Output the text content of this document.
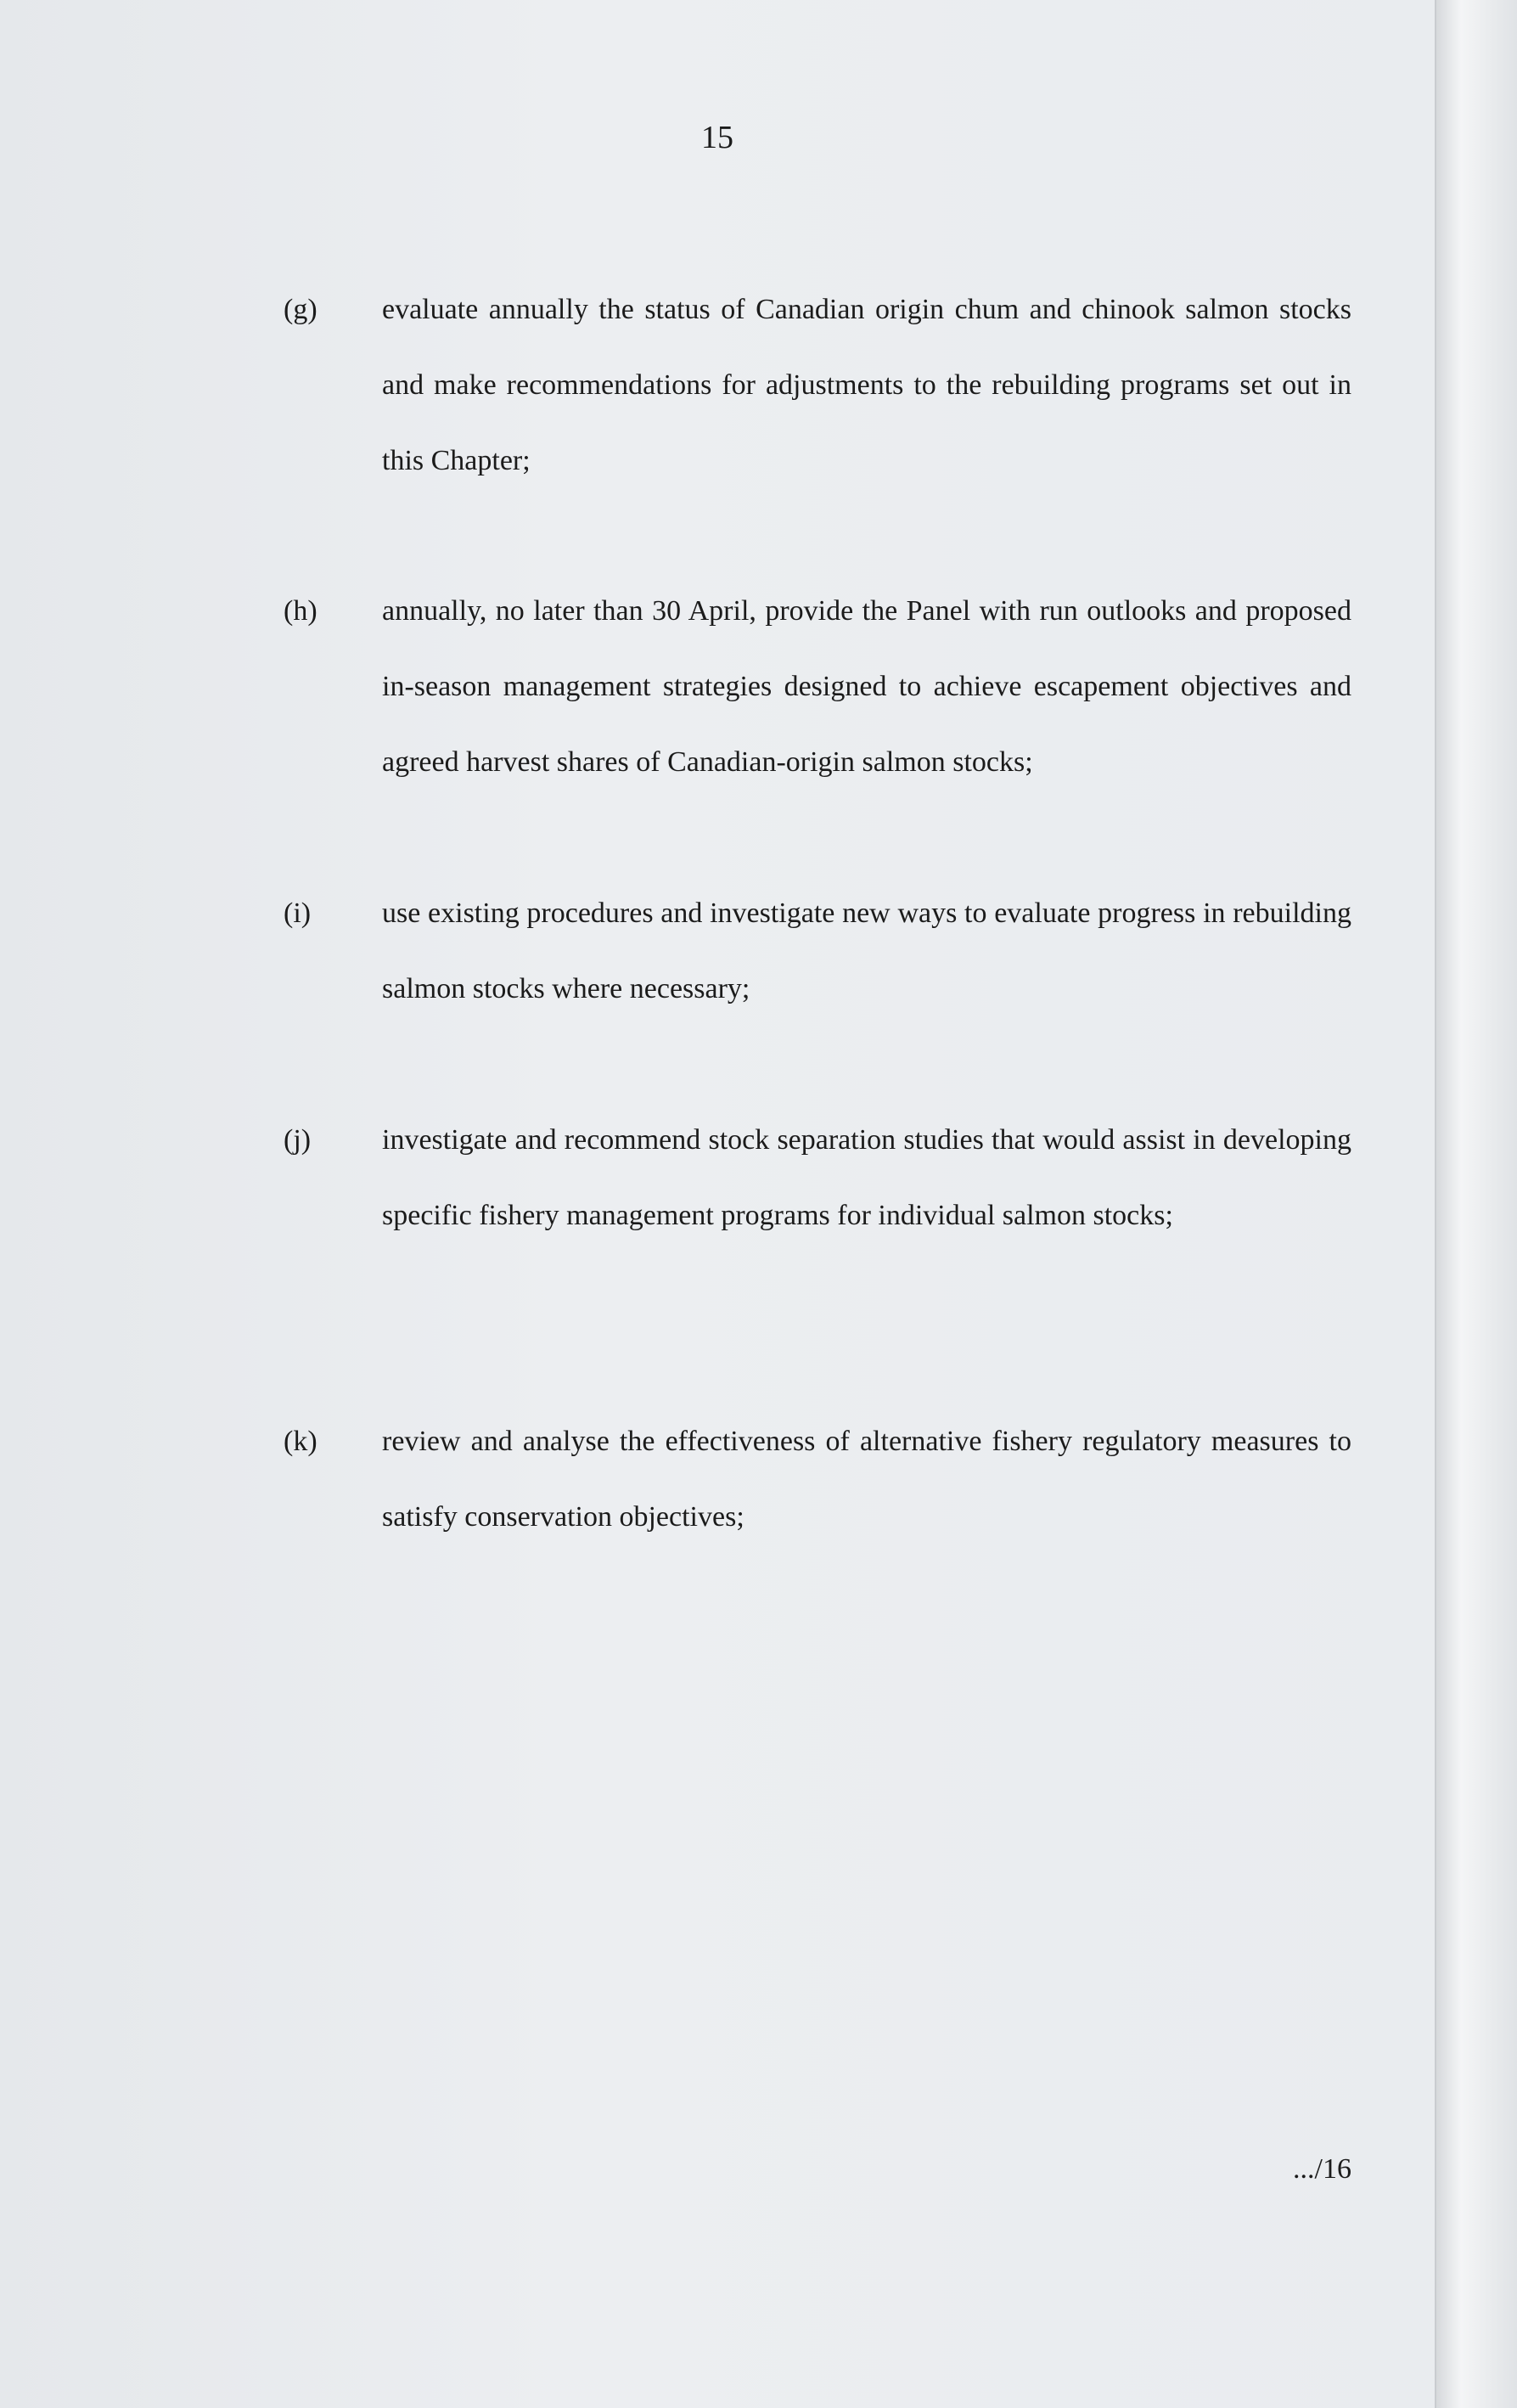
15
(g) evaluate annually the status of Canadian origin chum and chinook salmon stocks and make recommendations for adjustments to the rebuilding programs set out in this Chapter;
(h) annually, no later than 30 April, provide the Panel with run outlooks and proposed in-season management strategies designed to achieve escapement objectives and agreed harvest shares of Canadian-origin salmon stocks;
(i) use existing procedures and investigate new ways to evaluate progress in rebuilding salmon stocks where necessary;
(j) investigate and recommend stock separation studies that would assist in developing specific fishery management programs for individual salmon stocks;
(k) review and analyse the effectiveness of alternative fishery regulatory measures to satisfy conservation objectives;
.../16
